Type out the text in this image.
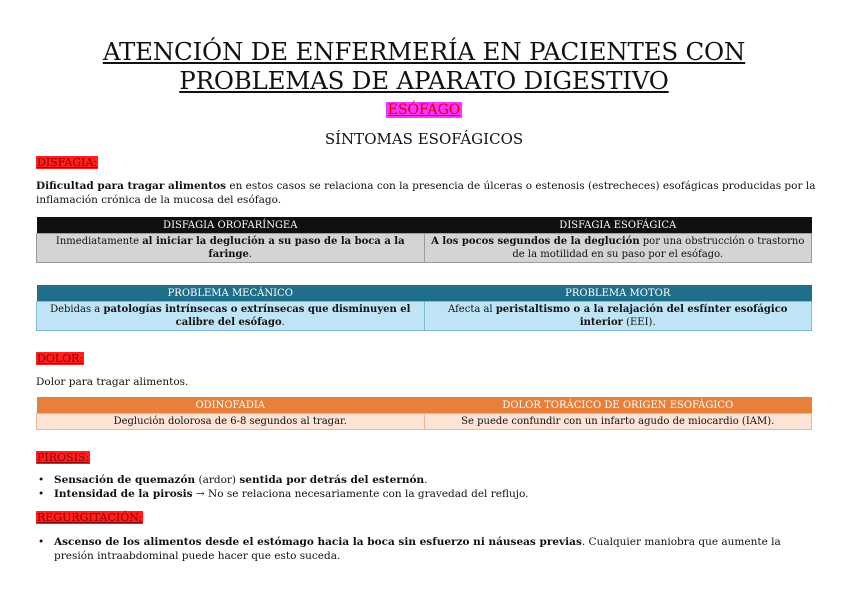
ATENCIÓN DE ENFERMERÍA EN PACIENTES CON
PROBLEMAS DE APARATO DIGESTIVO
ESÓFAGO
SÍNTOMAS ESOFÁGICOS
DISFAGIA:
Dificultad para tragar alimentos en estos casos se relaciona con la presencia de úlceras o estenosis (estrecheces) esofágicas producidas por la inflamación crónica de la mucosa del esófago.
DISFAGIA OROFARÍNGEA	DISFAGIA ESOFÁGICA
Inmediatamente al iniciar la deglución a su paso de la boca a la faringe.	A los pocos segundos de la deglución por una obstrucción o trastorno de la motilidad en su paso por el esófago.
PROBLEMA MECÁNICO	PROBLEMA MOTOR
Debidas a patologías intrínsecas o extrínsecas que disminuyen el calibre del esófago.	Afecta al peristaltismo o a la relajación del esfínter esofágico interior (EEI).
DOLOR:
Dolor para tragar alimentos.
ODINOFADIA	DOLOR TORÁCICO DE ORIGEN ESOFÁGICO
Deglución dolorosa de 6-8 segundos al tragar.	Se puede confundir con un infarto agudo de miocardio (IAM).
PIROSIS:
• Sensación de quemazón (ardor) sentida por detrás del esternón.
• Intensidad de la pirosis → No se relaciona necesariamente con la gravedad del reflujo.
REGURGITACIÓN:
• Ascenso de los alimentos desde el estómago hacia la boca sin esfuerzo ni náuseas previas. Cualquier maniobra que aumente la presión intraabdominal puede hacer que esto suceda.
